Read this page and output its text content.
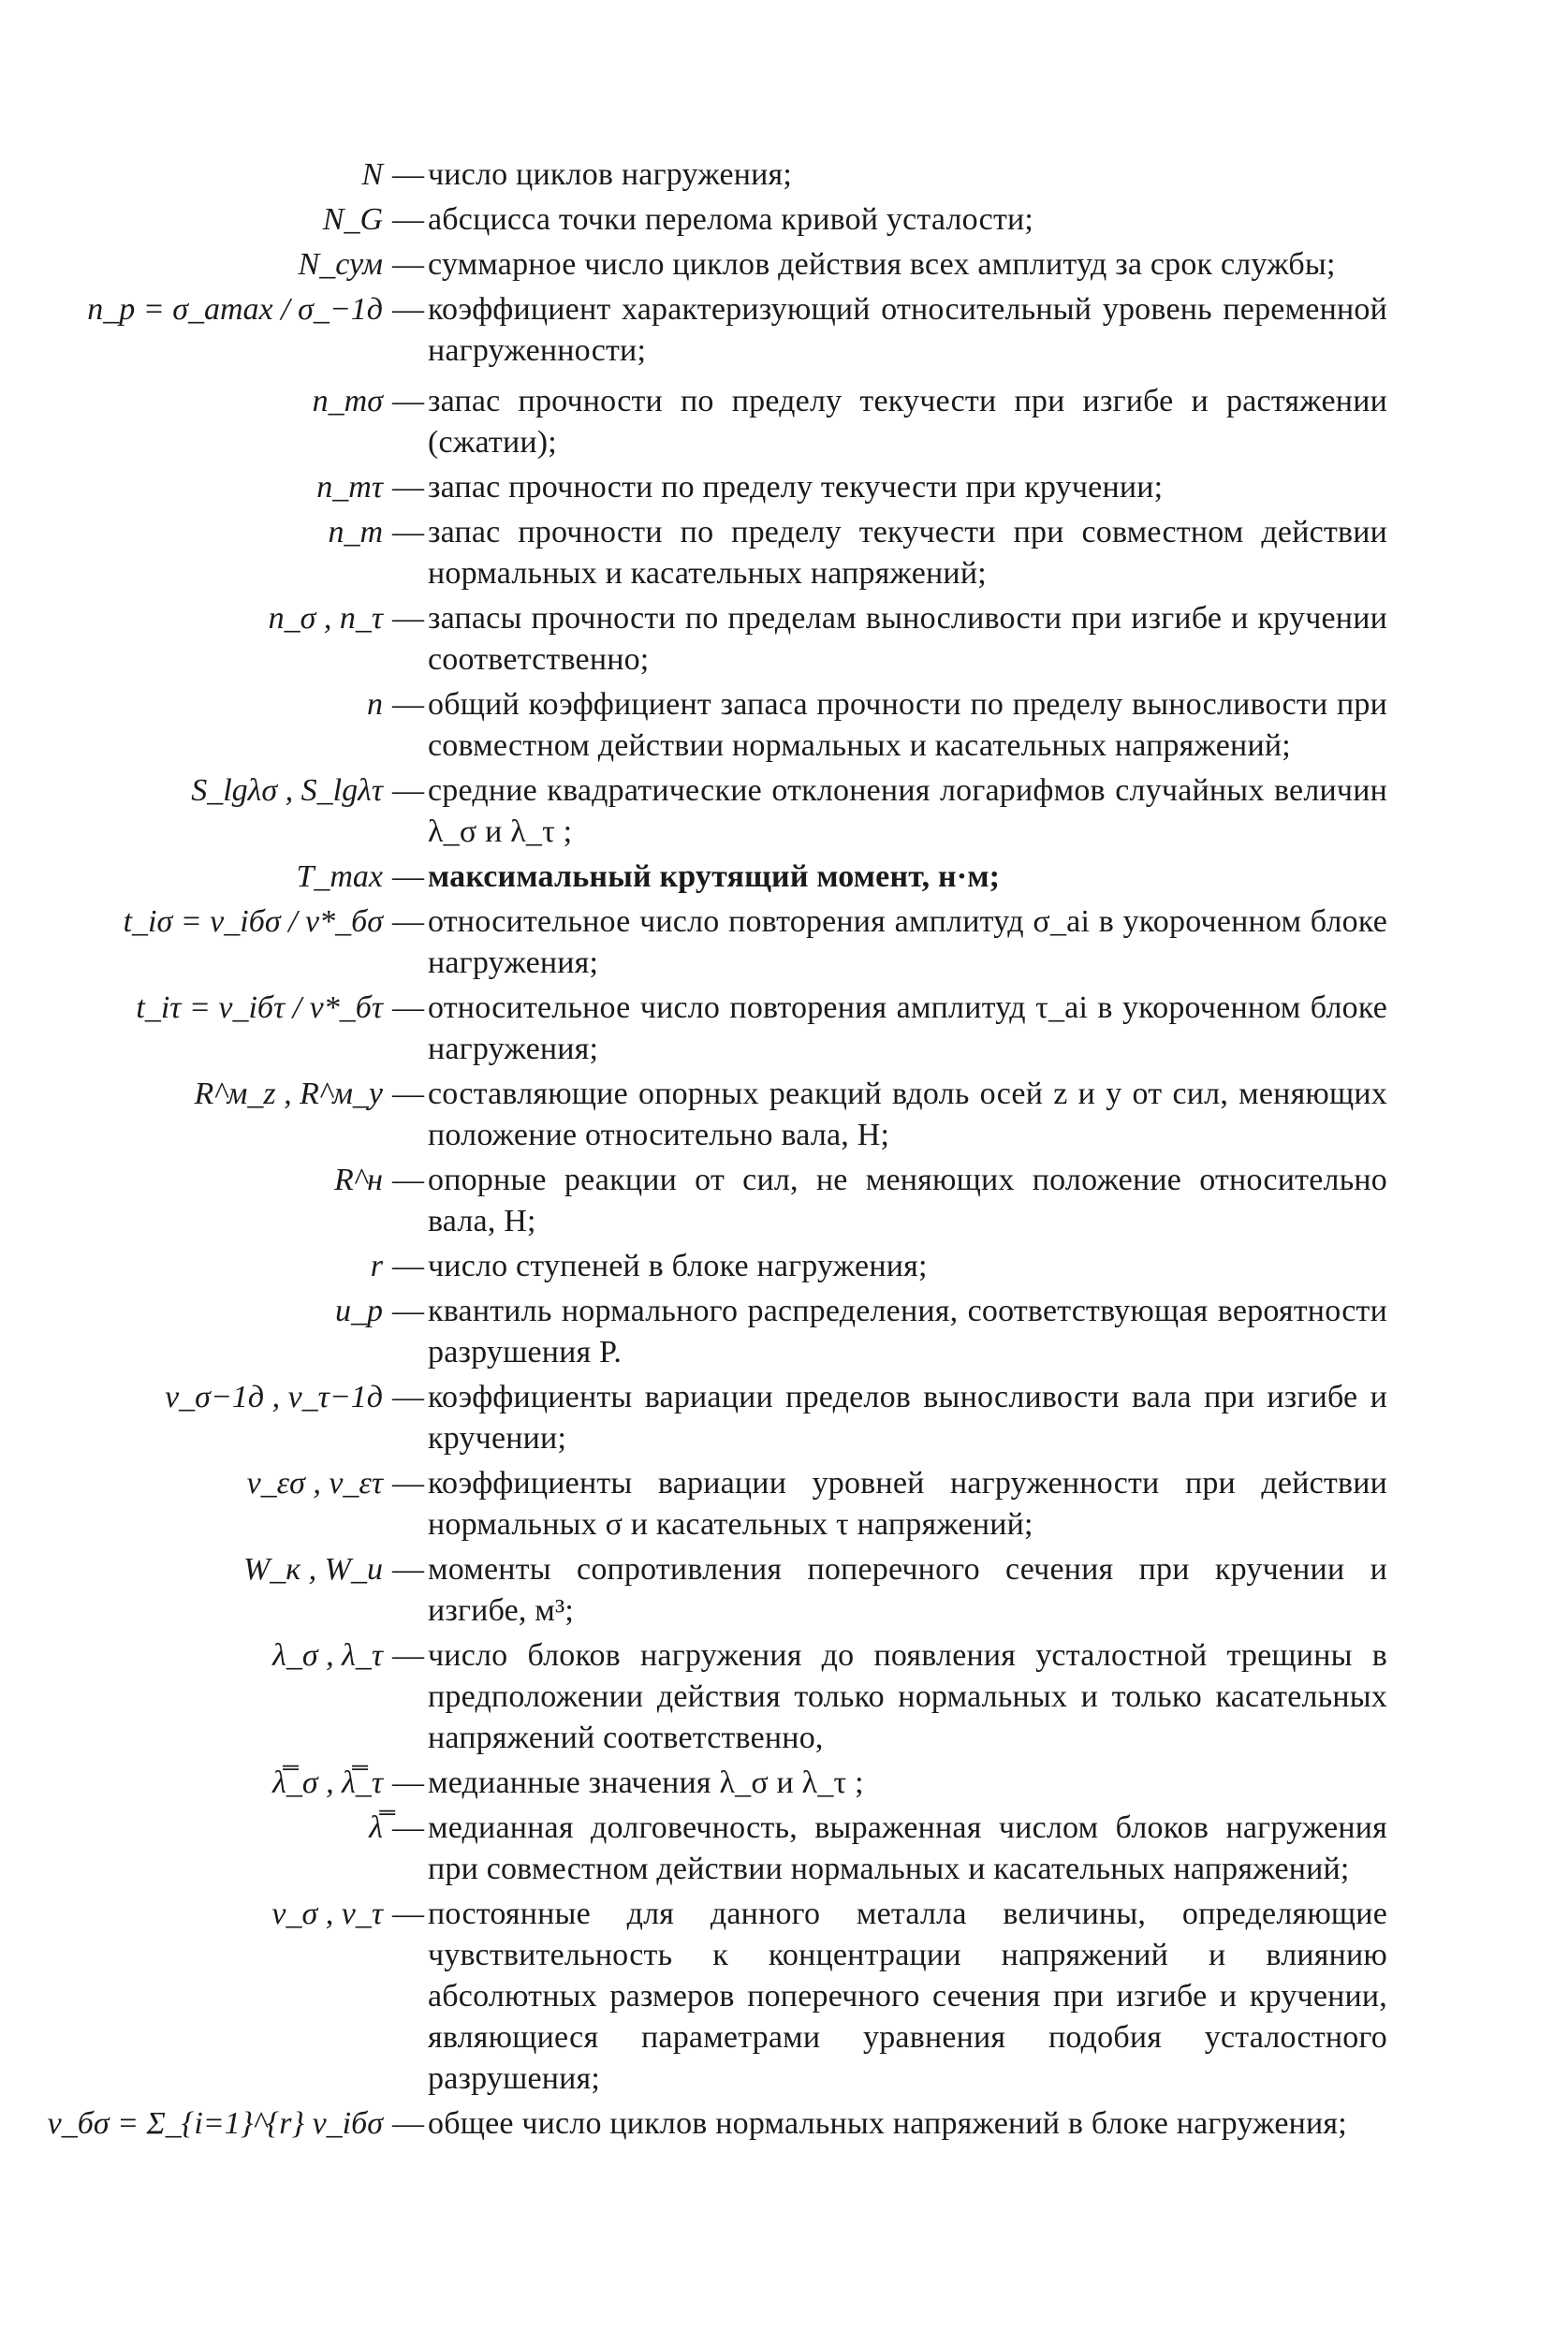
N — число циклов нагружения;
N_G — абсцисса точки перелома кривой усталости;
N_сум — суммарное число циклов действия всех амплитуд за срок службы;
n_р = σ_amax / σ_−1д — коэффициент характеризующий относительный уровень переменной нагруженности;
n_тσ — запас прочности по пределу текучести при изгибе и растяжении (сжатии);
n_тτ — запас прочности по пределу текучести при кручении;
n_т — запас прочности по пределу текучести при совместном действии нормальных и касательных напряжений;
n_σ , n_τ — запасы прочности по пределам выносливости при изгибе и кручении соответственно;
n — общий коэффициент запаса прочности по пределу выносливости при совместном действии нормальных и касательных напряжений;
S_lgλσ , S_lgλτ — средние квадратические отклонения логарифмов случайных величин λ_σ и λ_τ ;
T_max — максимальный крутящий момент, н·м;
t_iσ = ν_iбσ / ν*_бσ — относительное число повторения амплитуд σ_ai в укороченном блоке нагружения;
t_iτ = ν_iбτ / ν*_бτ — относительное число повторения амплитуд τ_ai в укороченном блоке нагружения;
R^м_z , R^м_y — составляющие опорных реакций вдоль осей z и y от сил, меняющих положение относительно вала, Н;
R^н — опорные реакции от сил, не меняющих положение относительно вала, Н;
r — число ступеней в блоке нагружения;
u_р — квантиль нормального распределения, соответствующая вероятности разрушения P.
v_σ−1д , v_τ−1д — коэффициенты вариации пределов выносливости вала при изгибе и кручении;
v_εσ , v_ετ — коэффициенты вариации уровней нагруженности при действии нормальных σ и касательных τ напряжений;
W_к , W_и — моменты сопротивления поперечного сечения при кручении и изгибе, м³;
λ_σ , λ_τ — число блоков нагружения до появления усталостной трещины в предположении действия только нормальных и только касательных напряжений соответственно,
λ̿_σ , λ̿_τ — медианные значения λ_σ и λ_τ ;
λ̿ — медианная долговечность, выраженная числом блоков нагружения при совместном действии нормальных и касательных напряжений;
ν_σ , ν_τ — постоянные для данного металла величины, определяющие чувствительность к концентрации напряжений и влиянию абсолютных размеров поперечного сечения при изгибе и кручении, являющиеся параметрами уравнения подобия усталостного разрушения;
ν_бσ = Σ_{i=1}^{r} ν_iбσ — общее число циклов нормальных напряжений в блоке нагружения;
